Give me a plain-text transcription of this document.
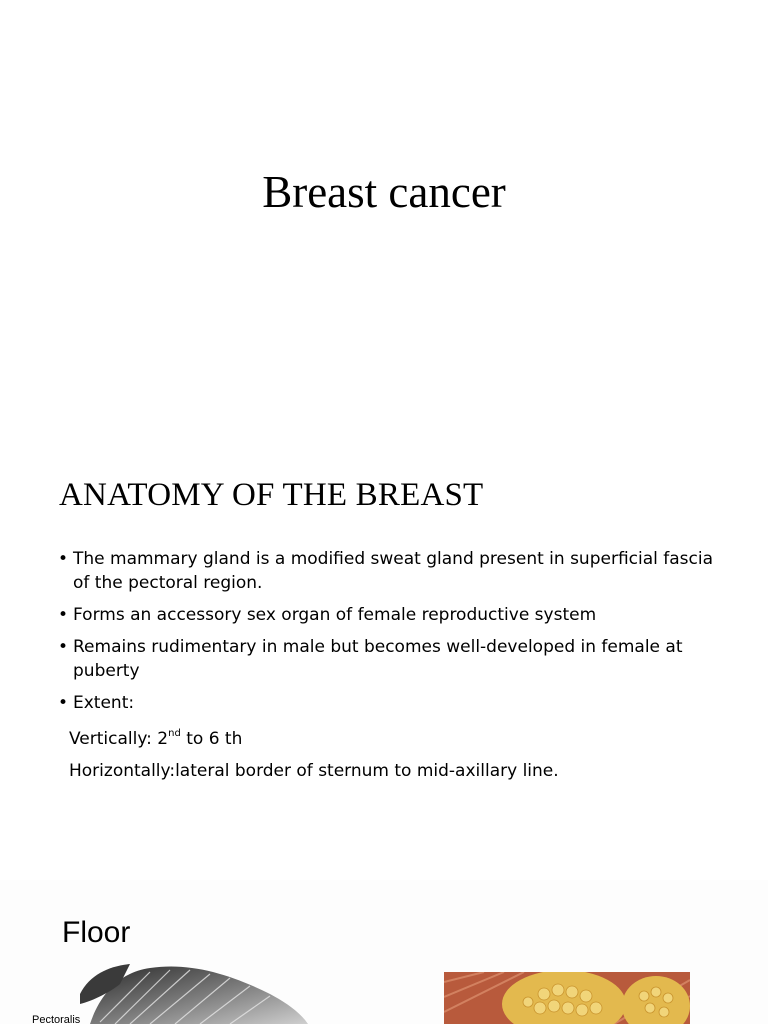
Breast cancer
ANATOMY OF THE BREAST
• The mammary gland is a modified sweat gland present in superficial fascia of the pectoral region.
• Forms an accessory sex organ of female reproductive system
• Remains rudimentary in male but becomes well-developed in female at puberty
• Extent:
Vertically: 2nd to 6 th
Horizontally:lateral border of sternum to mid-axillary line.
Floor
Pectoralis
